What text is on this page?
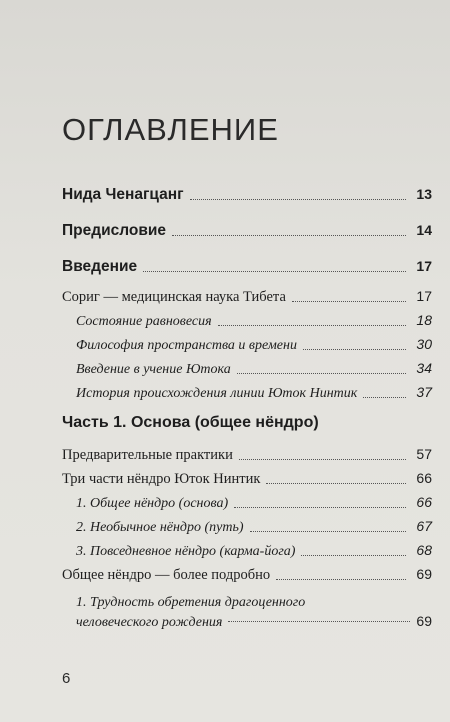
ОГЛАВЛЕНИЕ
Нида Ченагцанг	13
Предисловие	14
Введение	17
Сориг — медицинская наука Тибета	17
Состояние равновесия	18
Философия пространства и времени	30
Введение в учение Ютока	34
История происхождения линии Юток Нинтик	37
Часть 1. Основа (общее нёндро)
Предварительные практики	57
Три части нёндро Юток Нинтик	66
1. Общее нёндро (основа)	66
2. Необычное нёндро (путь)	67
3. Повседневное нёндро (карма-йога)	68
Общее нёндро — более подробно	69
1. Трудность обретения драгоценного
человеческого рождения	69
6
